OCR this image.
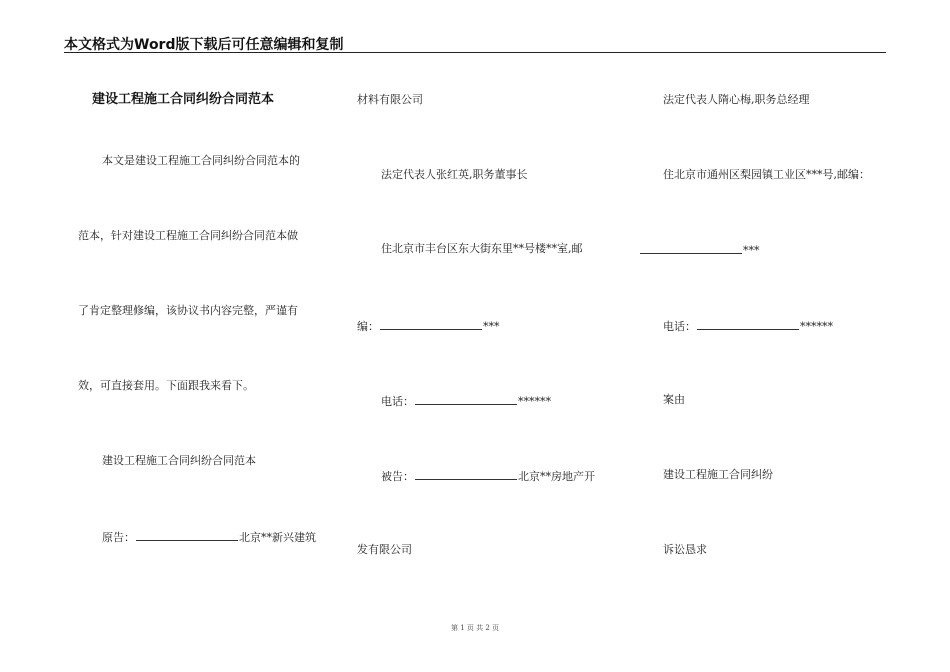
本文格式为Word版下载后可任意编辑和复制
建设工程施工合同纠纷合同范本
本文是建设工程施工合同纠纷合同范本的
范本，针对建设工程施工合同纠纷合同范本做
了肯定整理修编，该协议书内容完整，严谨有
效，可直接套用。下面跟我来看下。
建设工程施工合同纠纷合同范本
原告：	北京**新兴建筑
材料有限公司
法定代表人张红英,职务董事长
住北京市丰台区东大街东里**号楼**室,邮
编：	***
电话：	******
被告：	北京**房地产开
发有限公司
法定代表人隋心梅,职务总经理
住北京市通州区梨园镇工业区***号,邮编：
***
电话：	******
案由
建设工程施工合同纠纷
诉讼恳求
第 1 页 共 2 页
